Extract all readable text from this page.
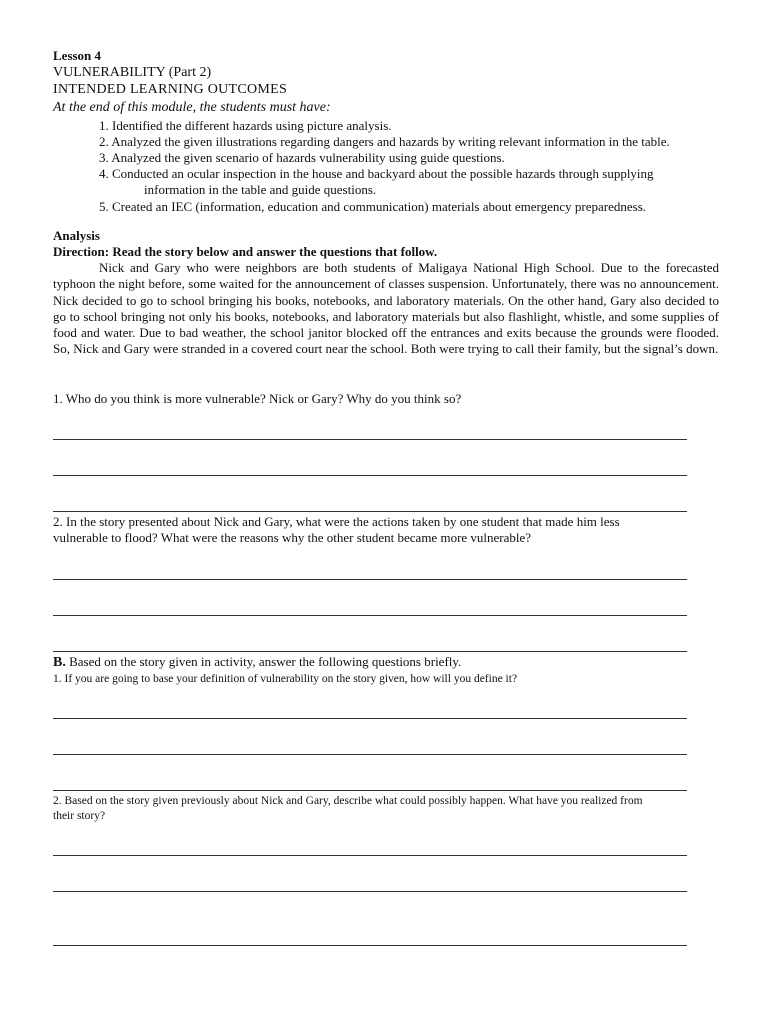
Lesson 4
VULNERABILITY (Part 2)
INTENDED LEARNING OUTCOMES
At the end of this module, the students must have:
1. Identified the different hazards using picture analysis.
2. Analyzed the given illustrations regarding dangers and hazards by writing relevant information in the table.
3. Analyzed the given scenario of hazards vulnerability using guide questions.
4. Conducted an ocular inspection in the house and backyard about the possible hazards through supplying
information in the table and guide questions.
5. Created an IEC (information, education and communication) materials about emergency preparedness.
Analysis
Direction: Read the story below and answer the questions that follow.

Nick and Gary who were neighbors are both students of Maligaya National High School. Due to the forecasted typhoon the night before, some waited for the announcement of classes suspension. Unfortunately, there was no announcement. Nick decided to go to school bringing his books, notebooks, and laboratory materials. On the other hand, Gary also decided to go to school bringing not only his books, notebooks, and laboratory materials but also flashlight, whistle, and some supplies of food and water. Due to bad weather, the school janitor blocked off the entrances and exits because the grounds were flooded. So, Nick and Gary were stranded in a covered court near the school. Both were trying to call their family, but the signal’s down.

1. Who do you think is more vulnerable? Nick or Gary? Why do you think so?
2. In the story presented about Nick and Gary, what were the actions taken by one student that made him less
vulnerable to flood? What were the reasons why the other student became more vulnerable?
B. Based on the story given in activity, answer the following questions briefly.
1. If you are going to base your definition of vulnerability on the story given, how will you define it?
2. Based on the story given previously about Nick and Gary, describe what could possibly happen. What have you realized from
their story?
